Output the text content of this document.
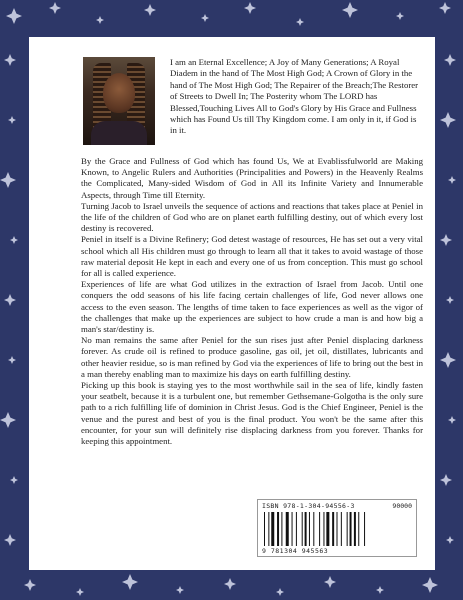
I am an Eternal Excellence; A Joy of Many Generations; A Royal Diadem in the hand of The Most High God; A Crown of Glory in the hand of The Most High God; The Repairer of the Breach;The Restorer of Streets to Dwell In; The Posterity whom The LORD has Blessed,Touching Lives All to God's Glory by His Grace and Fullness which has Found Us till Thy Kingdom come. I am only in it, if God is in it.

By the Grace and Fullness of God which has found Us, We at Evablissfulworld are Making Known, to Angelic Rulers and Authorities (Principalities and Powers) in the Heavenly Realms the Complicated, Many-sided Wisdom of God in All its Infinite Variety and Innumerable Aspects, through Time till Eternity.

Turning Jacob to Israel unveils the sequence of actions and reactions that takes place at Peniel in the life of the children of God who are on planet earth fulfilling destiny, out of which every lost destiny is recovered.

Peniel in itself is a Divine Refinery; God detest wastage of resources, He has set out a very vital school which all His children must go through to learn all that it takes to avoid wastage of those raw material deposit He kept in each and every one of us from conception. This must go school for all is called experience.

Experiences of life are what God utilizes in the extraction of Israel from Jacob. Until one conquers the odd seasons of his life facing certain challenges of life, God never allows one access to the even season. The lengths of time taken to face experiences as well as the vigor of the challenges that make up the experiences are subject to how crude a man is and how big a man's star/destiny is.

No man remains the same after Peniel for the sun rises just after Peniel displacing darkness forever. As crude oil is refined to produce gasoline, gas oil, jet oil, distillates, lubricants and other heavier residue, so is man refined by God via the experiences of life to bring out the best in a man thereby enabling man to maximize his days on earth fulfilling destiny.

Picking up this book is staying yes to the most worthwhile sail in the sea of life, kindly fasten your seatbelt, because it is a turbulent one, but remember Gethsemane-Golgotha is the only sure path to a rich fulfilling life of dominion in Christ Jesus. God is the Chief Engineer, Peniel is the venue and the purest and best of you is the final product. You won't be the same after this encounter, for your sun will definitely rise displacing darkness from you forever. Thanks for keeping this appointment.

ISBN 978-1-304-94556-3	90000
9 781304 945563
